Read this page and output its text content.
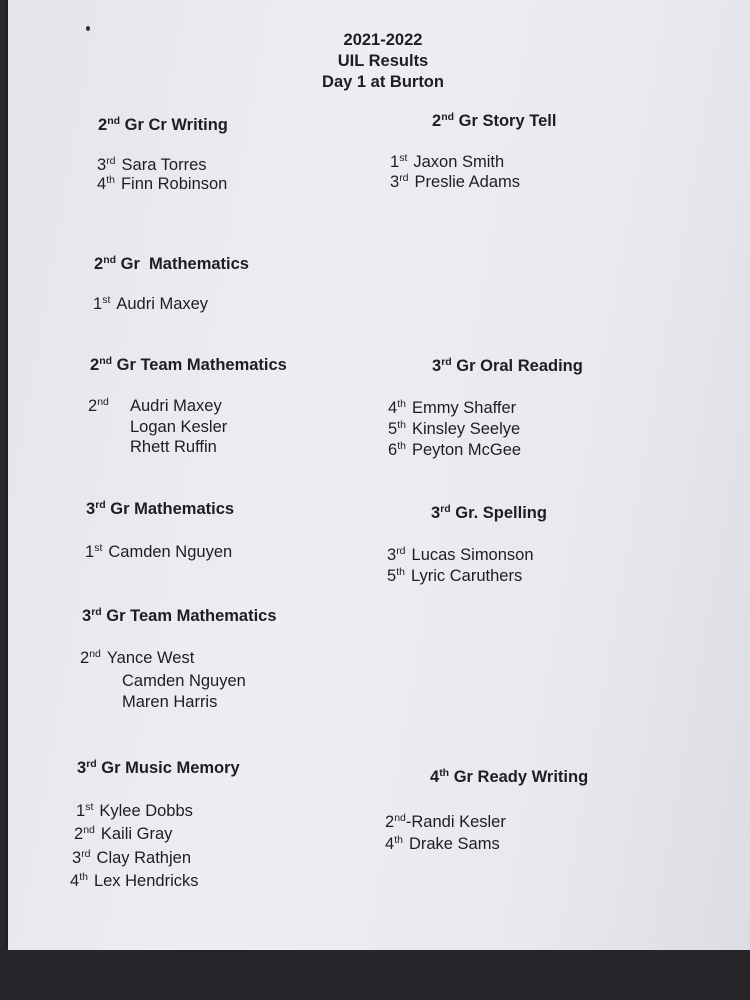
2021-2022
UIL Results
Day 1 at Burton
2nd Gr Cr Writing
3rd Sara Torres
4th Finn Robinson
2nd Gr Story Tell
1st Jaxon Smith
3rd Preslie Adams
2nd Gr  Mathematics
1st Audri Maxey
2nd Gr Team Mathematics
2nd Audri Maxey
Logan Kesler
Rhett Ruffin
3rd Gr Oral Reading
4th Emmy Shaffer
5th Kinsley Seelye
6th Peyton McGee
3rd Gr Mathematics
1st Camden Nguyen
3rd Gr. Spelling
3rd Lucas Simonson
5th Lyric Caruthers
3rd Gr Team Mathematics
2nd Yance West
Camden Nguyen
Maren Harris
3rd Gr Music Memory
1st Kylee Dobbs
2nd Kaili Gray
3rd Clay Rathjen
4th Lex Hendricks
4th Gr Ready Writing
2nd-Randi Kesler
4th Drake Sams
